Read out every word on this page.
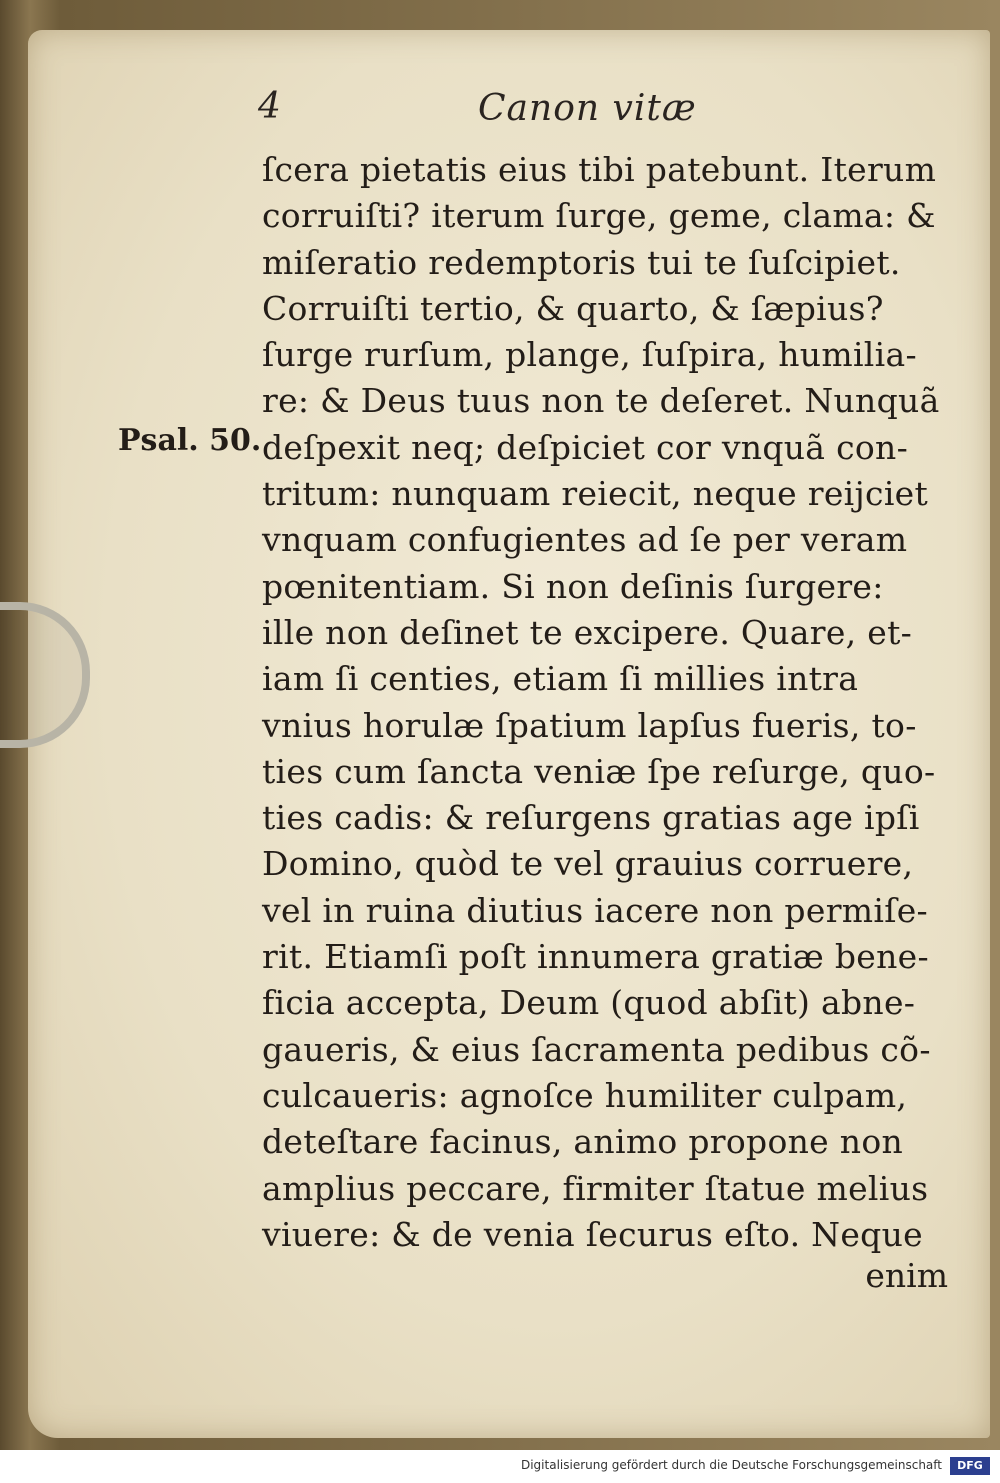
4	Canon vitæ
Psal. 50.
ſcera pietatis eius tibi patebunt. Iterum
corruiſti? iterum ſurge, geme, clama: &
miſeratio redemptoris tui te ſuſcipiet.
Corruiſti tertio, & quarto, & ſæpius?
ſurge rurſum, plange, ſuſpira, humilia-
re: & Deus tuus non te deſeret. Nunquã
deſpexit neq; deſpiciet cor vnquã con-
tritum: nunquam reiecit, neque reijciet
vnquam confugientes ad ſe per veram
pœnitentiam. Si non deſinis ſurgere:
ille non deſinet te excipere. Quare, et-
iam ſi centies, etiam ſi millies intra
vnius horulæ ſpatium lapſus fueris, to-
ties cum ſancta veniæ ſpe reſurge, quo-
ties cadis: & reſurgens gratias age ipſi
Domino, quòd te vel grauius corruere,
vel in ruina diutius iacere non permiſe-
rit. Etiamſi poſt innumera gratiæ bene-
ficia accepta, Deum (quod abſit) abne-
gaueris, & eius ſacramenta pedibus cõ-
culcaueris: agnoſce humiliter culpam,
deteſtare facinus, animo propone non
amplius peccare, firmiter ſtatue melius
viuere: & de venia ſecurus eſto. Neque
enim
Digitalisierung gefördert durch die Deutsche Forschungsgemeinschaft	DFG
